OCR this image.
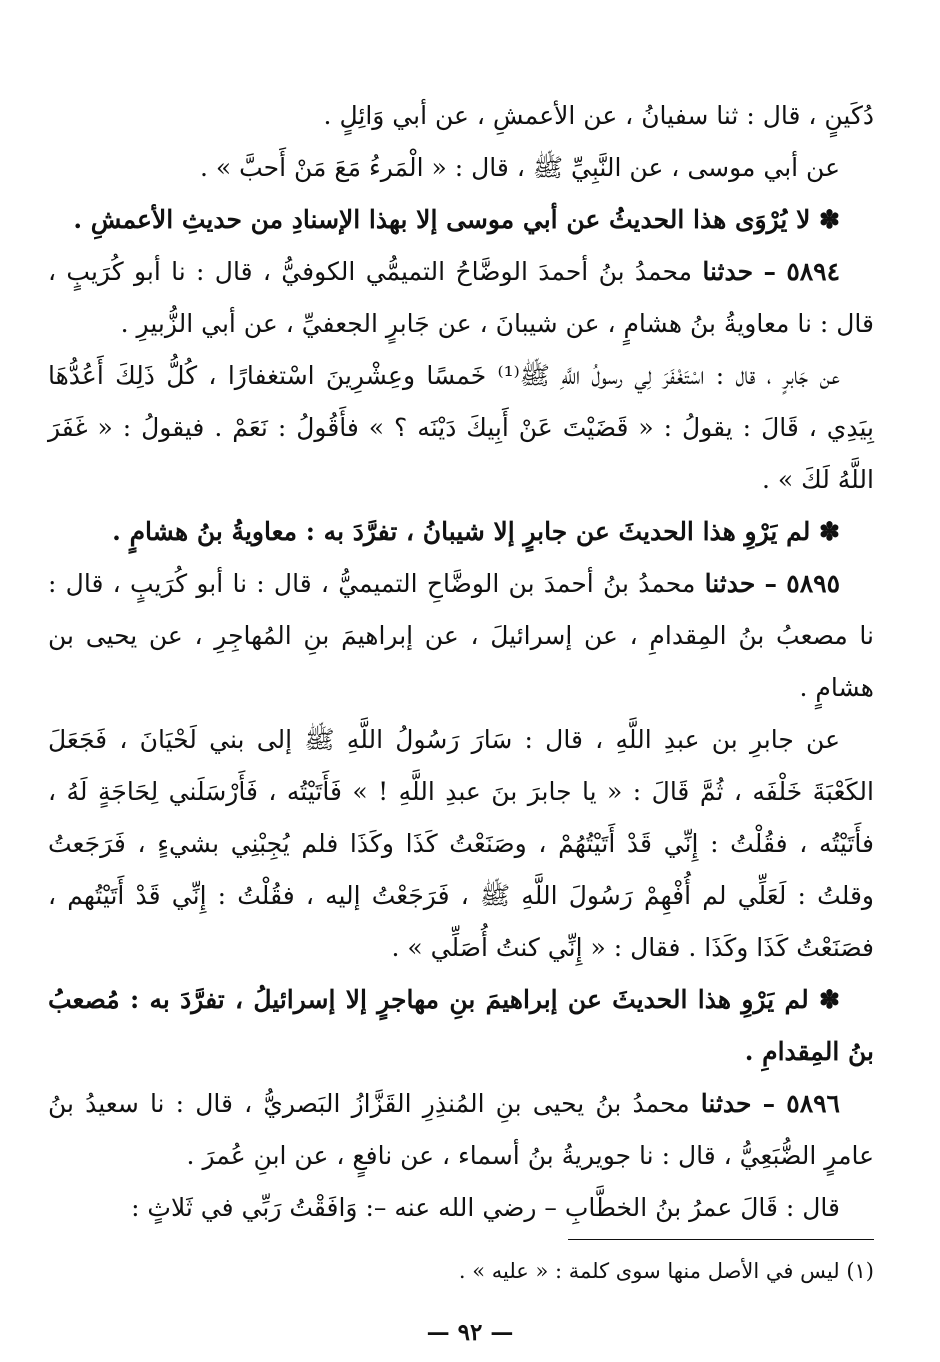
دُكَينٍ ، قال : ثنا سفيانُ ، عن الأعمشِ ، عن أبي وَائِلٍ .

عن أبي موسى ، عن النَّبِيِّ ﷺ ، قال : « الْمَرءُ مَعَ مَنْ أَحبَّ » .

✽ لا يُرْوَى هذا الحديثُ عن أبي موسى إلا بهذا الإسنادِ من حديثِ الأعمشِ .

٥٨٩٤ – حدثنا محمدُ بنُ أحمدَ الوضَّاحُ التميمُّي الكوفيُّ ، قال : نا أبو كُرَيبٍ ، قال : نا معاويةُ بنُ هشامٍ ، عن شيبانَ ، عن جَابرٍ الجعفيِّ ، عن أبي الزُّبيرِ .

عن جَابرٍ ، قال : اسْتَغْفَرَ لِي رسولُ اللَّهِ ﷺ⁽¹⁾ خَمسًا وعِشْرِينَ اسْتغفارًا ، كُلُّ ذَلِكَ أَعُدُّهَا بِيَدِي ، قَالَ : يقولُ : « قَضَيْتَ عَنْ أَبِيكَ دَيْنَه ؟ » فأَقُولُ : نَعَمْ . فيقولُ : « غَفَرَ اللَّهُ لَكَ » .

✽ لم يَرْوِ هذا الحديثَ عن جابرٍ إلا شيبانُ ، تفرَّدَ به : معاويةُ بنُ هشامٍ .

٥٨٩٥ – حدثنا محمدُ بنُ أحمدَ بن الوضَّاحِ التميميُّ ، قال : نا أبو كُرَيبٍ ، قال : نا مصعبُ بنُ المِقدامِ ، عن إسرائيلَ ، عن إبراهيمَ بنِ المُهاجِرِ ، عن يحيى بن هشامٍ .

عن جابرِ بن عبدِ اللَّهِ ، قال : سَارَ رَسُولُ اللَّهِ ﷺ إلى بني لَحْيَانَ ، فَجَعَلَ الكَعْبَةَ خَلْفَه ، ثُمَّ قَالَ : « يا جابرَ بنَ عبدِ اللَّهِ ! » فَأَتَيْتُه ، فَأَرْسَلَني لِحَاجَةٍ لَهُ ، فأَتَيْتُه ، فقُلْتُ : إِنِّي قَدْ أَتَيْتُهُمْ ، وصَنَعْتُ كَذَا وكَذَا فلم يُجِبْنِي بشيءٍ ، فَرَجَعتُ وقلتُ : لَعَلِّي لم أُفْهِمْ رَسُولَ اللَّهِ ﷺ ، فَرَجَعْتُ إليه ، فقُلْتُ : إِنِّي قَدْ أَتَيْتُهم ، فصَنَعْتُ كَذَا وكَذَا . فقال : « إِنِّي كنتُ أُصَلِّي » .

✽ لم يَرْوِ هذا الحديثَ عن إبراهيمَ بنِ مهاجرٍ إلا إسرائيلُ ، تفرَّدَ به : مُصعبُ بنُ المِقدامِ .

٥٨٩٦ – حدثنا محمدُ بنُ يحيى بنِ المُنذِرِ القَزَّازُ البَصريُّ ، قال : نا سعيدُ بنُ عامرٍ الضُّبَعِيُّ ، قال : نا جويريةُ بنُ أسماء ، عن نافعٍ ، عن ابنِ عُمرَ .

قال : قَالَ عمرُ بنُ الخطَّابِ – رضي الله عنه –: وَافَقْتُ رَبِّي في ثَلاثٍ :

(١) ليس في الأصل منها سوى كلمة : « عليه » .
— ٩٢ —
